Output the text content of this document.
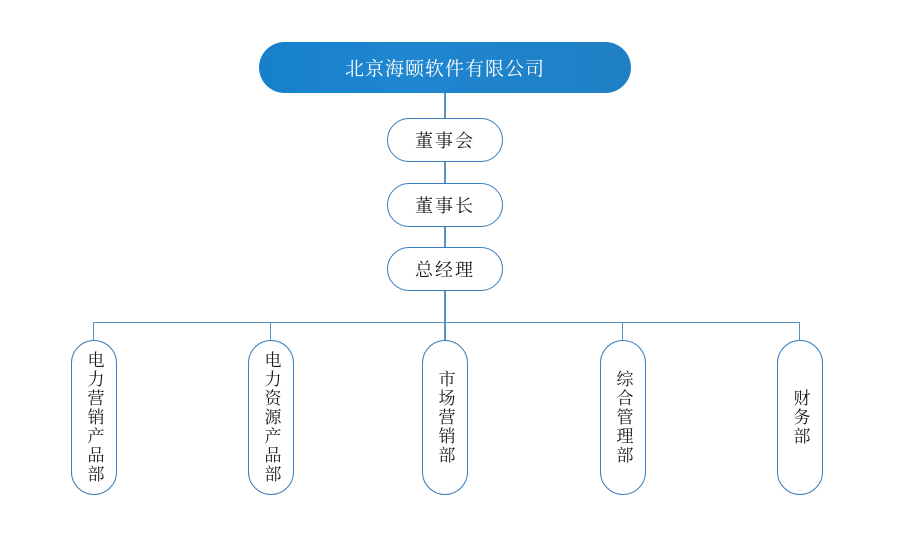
北京海颐软件有限公司
董事会
董事长
总经理
电力营销产品部	电力资源产品部	市场营销部	综合管理部	财务部
